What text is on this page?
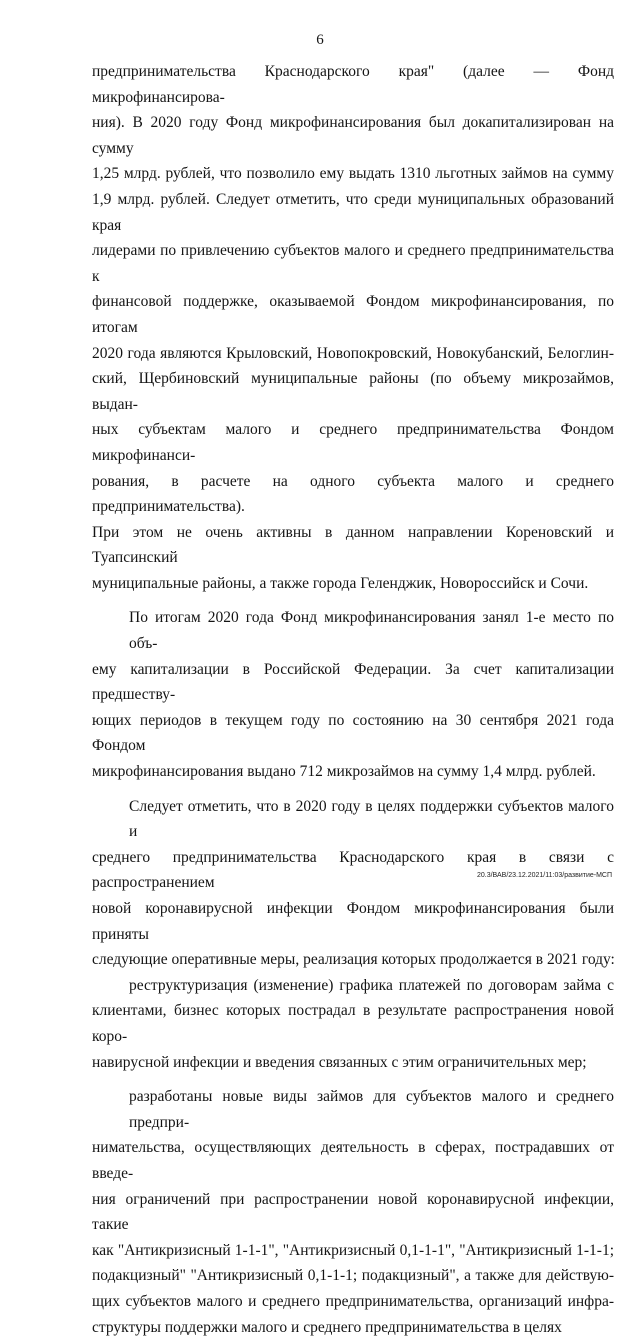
6

предпринимательства Краснодарского края" (далее — Фонд микрофинансирова-
ния). В 2020 году Фонд микрофинансирования был докапитализирован на сумму
1,25 млрд. рублей, что позволило ему выдать 1310 льготных займов на сумму
1,9 млрд. рублей. Следует отметить, что среди муниципальных образований края
лидерами по привлечению субъектов малого и среднего предпринимательства к
финансовой поддержке, оказываемой Фондом микрофинансирования, по итогам
2020 года являются Крыловский, Новопокровский, Новокубанский, Белоглин-
ский, Щербиновский муниципальные районы (по объему микрозаймов, выдан-
ных субъектам малого и среднего предпринимательства Фондом микрофинанси-
рования, в расчете на одного субъекта малого и среднего предпринимательства).
При этом не очень активны в данном направлении Кореновский и Туапсинский
муниципальные районы, а также города Геленджик, Новороссийск и Сочи.

По итогам 2020 года Фонд микрофинансирования занял 1-е место по объ-
ему капитализации в Российской Федерации. За счет капитализации предшеству-
ющих периодов в текущем году по состоянию на 30 сентября 2021 года Фондом
микрофинансирования выдано 712 микрозаймов на сумму 1,4 млрд. рублей.

Следует отметить, что в 2020 году в целях поддержки субъектов малого и
среднего предпринимательства Краснодарского края в связи с распространением
новой коронавирусной инфекции Фондом микрофинансирования были приняты
следующие оперативные меры, реализация которых продолжается в 2021 году:

реструктуризация (изменение) графика платежей по договорам займа с
клиентами, бизнес которых пострадал в результате распространения новой коро-
навирусной инфекции и введения связанных с этим ограничительных мер;

разработаны новые виды займов для субъектов малого и среднего предпри-
нимательства, осуществляющих деятельность в сферах, пострадавших от введе-
ния ограничений при распространении новой коронавирусной инфекции, такие
как "Антикризисный 1-1-1", "Антикризисный 0,1-1-1", "Антикризисный 1-1-1;
подакцизный" "Антикризисный 0,1-1-1; подакцизный", а также для действую-
щих субъектов малого и среднего предпринимательства, организаций инфра-
структуры поддержки малого и среднего предпринимательства в целях

20.3/ВАВ/23.12.2021/11:03/развитие-МСП
